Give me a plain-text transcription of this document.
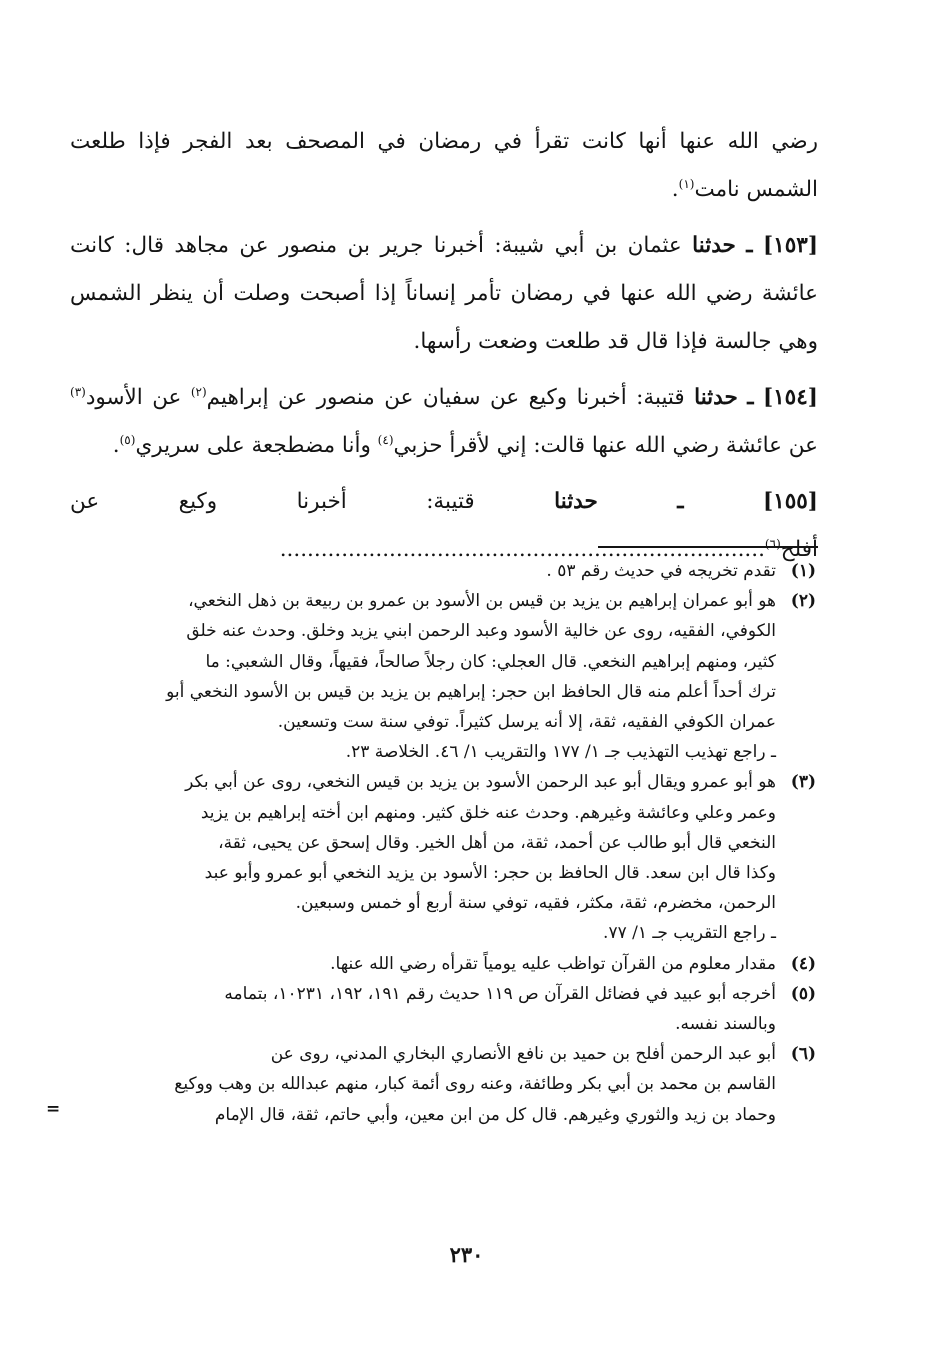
رضي الله عنها أنها كانت تقرأ في رمضان في المصحف بعد الفجر فإذا طلعت الشمس نامت$^{(١)}$.

[١٥٣] ـ حدثنا عثمان بن أبي شيبة: أخبرنا جرير بن منصور عن مجاهد قال: كانت عائشة رضي الله عنها في رمضان تأمر إنساناً إذا أصبحت وصلت أن ينظر الشمس وهي جالسة فإذا قال قد طلعت وضعت رأسها.

[١٥٤] ـ حدثنا قتيبة: أخبرنا وكيع عن سفيان عن منصور عن إبراهيم$^{(٢)}$ عن الأسود$^{(٣)}$ عن عائشة رضي الله عنها قالت: إني لأقرأ حزبي$^{(٤)}$ وأنا مضطجعة على سريري$^{(٥)}$.

[١٥٥] ـ حدثنا قتيبة: أخبرنا وكيع عن أفلح$^{(٦)}$.......................................................................

(١)
تقدم تخريجه في حديث رقم ٥٣ .
(٢)
هو أبو عمران إبراهيم بن يزيد بن قيس بن الأسود بن عمرو بن ربيعة بن ذهل النخعي،
الكوفي، الفقيه، روى عن خالية الأسود وعبد الرحمن ابني يزيد وخلق. وحدث عنه خلق
كثير، ومنهم إبراهيم النخعي. قال العجلي: كان رجلاً صالحاً، فقيهاً، وقال الشعبي: ما
ترك أحداً أعلم منه قال الحافظ ابن حجر: إبراهيم بن يزيد بن قيس بن الأسود النخعي أبو
عمران الكوفي الفقيه، ثقة، إلا أنه يرسل كثيراً. توفي سنة ست وتسعين.
ـ راجع تهذيب التهذيب جـ ١/ ١٧٧ والتقريب ١/ ٤٦. الخلاصة ٢٣.
(٣)
هو أبو عمرو ويقال أبو عبد الرحمن الأسود بن يزيد بن قيس النخعي، روى عن أبي بكر
وعمر وعلي وعائشة وغيرهم. وحدث عنه خلق كثير. ومنهم ابن أخته إبراهيم بن يزيد
النخعي قال أبو طالب عن أحمد، ثقة، من أهل الخير. وقال إسحق عن يحيى، ثقة،
وكذا قال ابن سعد. قال الحافظ بن حجر: الأسود بن يزيد النخعي أبو عمرو وأبو عبد
الرحمن، مخضرم، ثقة، مكثر، فقيه، توفي سنة أربع أو خمس وسبعين.
ـ راجع التقريب جـ ١/ ٧٧.
(٤)
مقدار معلوم من القرآن تواظب عليه يومياً تقرأه رضي الله عنها.
(٥)
أخرجه أبو عبيد في فضائل القرآن ص ١١٩ حديث رقم ١٩١، ١٩٢، ١٠٢٣١، بتمامه
وبالسند نفسه.
(٦)
أبو عبد الرحمن أفلح بن حميد بن نافع الأنصاري البخاري المدني، روى عن
القاسم بن محمد بن أبي بكر وطائفة، وعنه روى أئمة كبار، منهم عبدالله بن وهب ووكيع
وحماد بن زيد والثوري وغيرهم. قال كل من ابن معين، وأبي حاتم، ثقة، قال الإمام
=
٢٣٠
